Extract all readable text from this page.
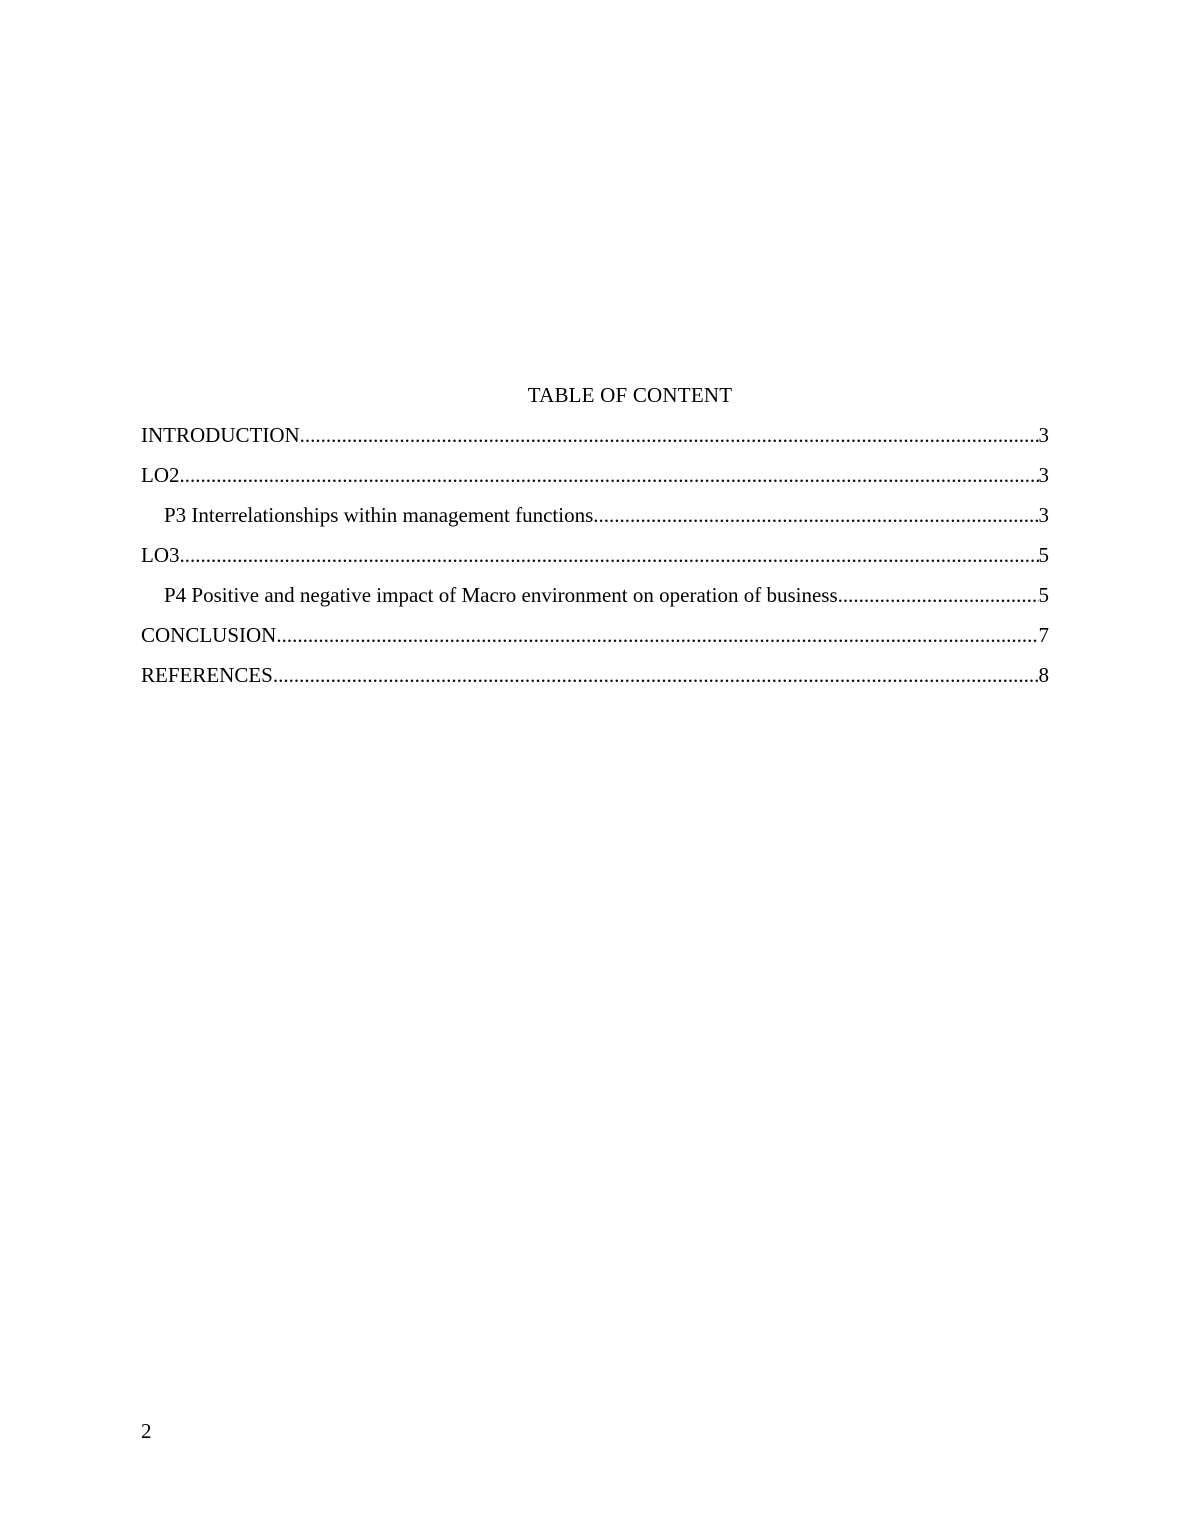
TABLE OF CONTENT
INTRODUCTION .....	3
LO2 .....	3
P3 Interrelationships within management functions .....	3
LO3 .....	5
P4 Positive and negative impact of Macro environment on operation of business .....	5
CONCLUSION .....	7
REFERENCES .....	8
2
